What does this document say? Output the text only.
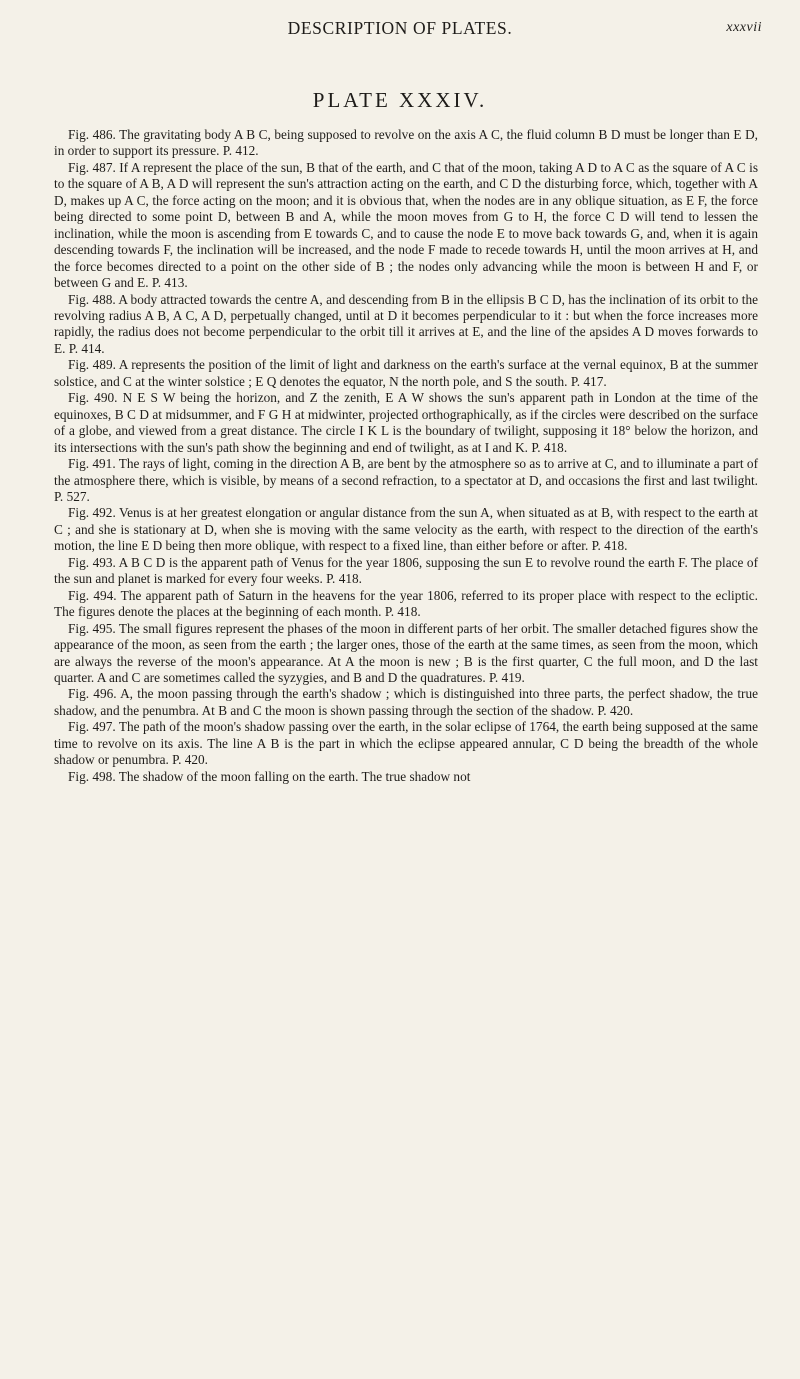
DESCRIPTION OF PLATES.	xxxvii
PLATE XXXIV.

Fig. 486. The gravitating body A B C, being supposed to revolve on the axis A C, the fluid column B D must be longer than E D, in order to support its pressure. P. 412.

Fig. 487. If A represent the place of the sun, B that of the earth, and C that of the moon, taking A D to A C as the square of A C is to the square of A B, A D will represent the sun's attraction acting on the earth, and C D the disturbing force, which, together with A D, makes up A C, the force acting on the moon; and it is obvious that, when the nodes are in any oblique situation, as E F, the force being directed to some point D, between B and A, while the moon moves from G to H, the force C D will tend to lessen the inclination, while the moon is ascending from E towards C, and to cause the node E to move back towards G, and, when it is again descending towards F, the inclination will be increased, and the node F made to recede towards H, until the moon arrives at H, and the force becomes directed to a point on the other side of B ; the nodes only advancing while the moon is between H and F, or between G and E. P. 413.

Fig. 488. A body attracted towards the centre A, and descending from B in the ellipsis B C D, has the inclination of its orbit to the revolving radius A B, A C, A D, perpetually changed, until at D it becomes perpendicular to it : but when the force increases more rapidly, the radius does not become perpendicular to the orbit till it arrives at E, and the line of the apsides A D moves forwards to E. P. 414.

Fig. 489. A represents the position of the limit of light and darkness on the earth's surface at the vernal equinox, B at the summer solstice, and C at the winter solstice ; E Q denotes the equator, N the north pole, and S the south. P. 417.

Fig. 490. N E S W being the horizon, and Z the zenith, E A W shows the sun's apparent path in London at the time of the equinoxes, B C D at midsummer, and F G H at midwinter, projected orthographically, as if the circles were described on the surface of a globe, and viewed from a great distance. The circle I K L is the boundary of twilight, supposing it 18° below the horizon, and its intersections with the sun's path show the beginning and end of twilight, as at I and K. P. 418.

Fig. 491. The rays of light, coming in the direction A B, are bent by the atmosphere so as to arrive at C, and to illuminate a part of the atmosphere there, which is visible, by means of a second refraction, to a spectator at D, and occasions the first and last twilight. P. 527.

Fig. 492. Venus is at her greatest elongation or angular distance from the sun A, when situated as at B, with respect to the earth at C ; and she is stationary at D, when she is moving with the same velocity as the earth, with respect to the direction of the earth's motion, the line E D being then more oblique, with respect to a fixed line, than either before or after. P. 418.

Fig. 493. A B C D is the apparent path of Venus for the year 1806, supposing the sun E to revolve round the earth F. The place of the sun and planet is marked for every four weeks. P. 418.

Fig. 494. The apparent path of Saturn in the heavens for the year 1806, referred to its proper place with respect to the ecliptic. The figures denote the places at the beginning of each month. P. 418.

Fig. 495. The small figures represent the phases of the moon in different parts of her orbit. The smaller detached figures show the appearance of the moon, as seen from the earth ; the larger ones, those of the earth at the same times, as seen from the moon, which are always the reverse of the moon's appearance. At A the moon is new ; B is the first quarter, C the full moon, and D the last quarter. A and C are sometimes called the syzygies, and B and D the quadratures. P. 419.

Fig. 496. A, the moon passing through the earth's shadow ; which is distinguished into three parts, the perfect shadow, the true shadow, and the penumbra. At B and C the moon is shown passing through the section of the shadow. P. 420.

Fig. 497. The path of the moon's shadow passing over the earth, in the solar eclipse of 1764, the earth being supposed at the same time to revolve on its axis. The line A B is the part in which the eclipse appeared annular, C D being the breadth of the whole shadow or penumbra. P. 420.

Fig. 498. The shadow of the moon falling on the earth. The true shadow not
